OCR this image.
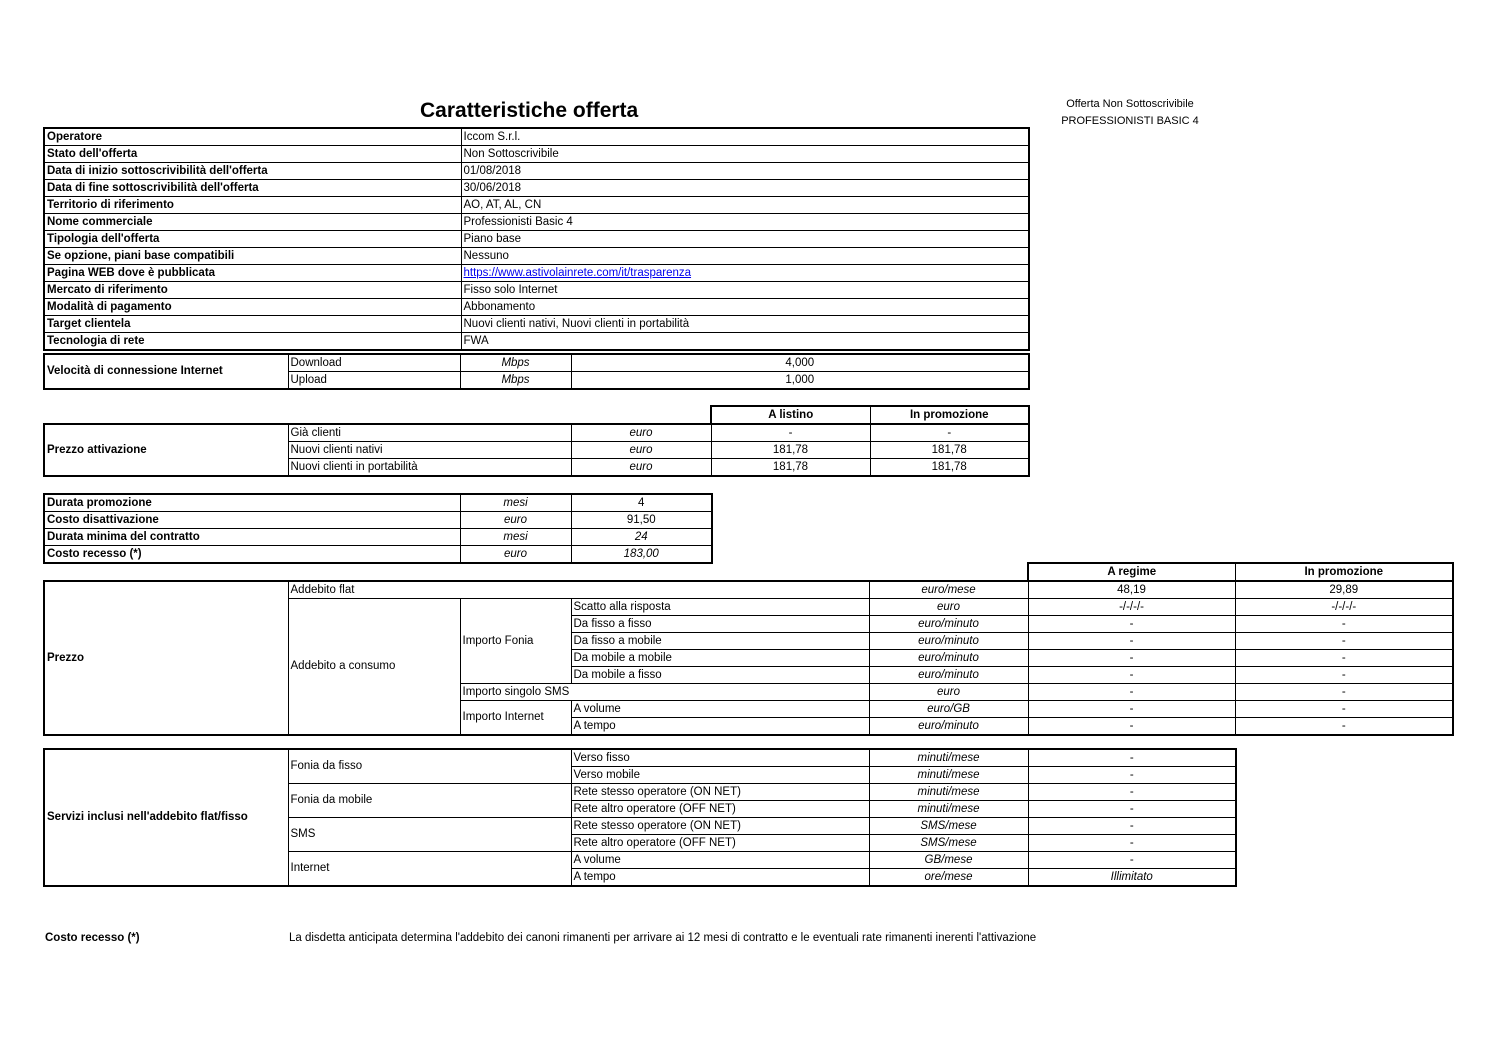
Caratteristiche offerta	Offerta Non Sottoscrivibile
PROFESSIONISTI BASIC 4
Operatore	Iccom S.r.l.
Stato dell'offerta	Non Sottoscrivibile
Data di inizio sottoscrivibilità dell'offerta	01/08/2018
Data di fine sottoscrivibilità dell'offerta	30/06/2018
Territorio di riferimento	AO, AT, AL, CN
Nome commerciale	Professionisti Basic 4
Tipologia dell'offerta	Piano base
Se opzione, piani base compatibili	Nessuno
Pagina WEB dove è pubblicata	https://www.astivolainrete.com/it/trasparenza
Mercato di riferimento	Fisso solo Internet
Modalità di pagamento	Abbonamento
Target clientela	Nuovi clienti nativi, Nuovi clienti in portabilità
Tecnologia di rete	FWA
Velocità di connessione Internet	Download	Mbps	4,000
	Upload	Mbps	1,000
A listino	In promozione
Prezzo attivazione	Già clienti	euro	-	-
	Nuovi clienti nativi	euro	181,78	181,78
	Nuovi clienti in portabilità	euro	181,78	181,78
Durata promozione	mesi	4
Costo disattivazione	euro	91,50
Durata minima del contratto	mesi	24
Costo recesso (*)	euro	183,00
A regime	In promozione
Prezzo	Addebito flat			euro/mese	48,19	29,89
	Addebito a consumo	Importo Fonia	Scatto alla risposta	euro	-/-/-/-	-/-/-/-
			Da fisso a fisso	euro/minuto	-	-
			Da fisso a mobile	euro/minuto	-	-
			Da mobile a mobile	euro/minuto	-	-
			Da mobile a fisso	euro/minuto	-	-
		Importo singolo SMS		euro	-	-
		Importo Internet	A volume	euro/GB	-	-
			A tempo	euro/minuto	-	-
Servizi inclusi nell'addebito flat/fisso	Fonia da fisso	Verso fisso	minuti/mese	-
		Verso mobile	minuti/mese	-
	Fonia da mobile	Rete stesso operatore (ON NET)	minuti/mese	-
		Rete altro operatore (OFF NET)	minuti/mese	-
	SMS	Rete stesso operatore (ON NET)	SMS/mese	-
		Rete altro operatore (OFF NET)	SMS/mese	-
	Internet	A volume	GB/mese	-
		A tempo	ore/mese	Illimitato
Costo recesso (*)	La disdetta anticipata determina l'addebito dei canoni rimanenti per arrivare ai 12 mesi di contratto e le eventuali rate rimanenti inerenti l'attivazione
